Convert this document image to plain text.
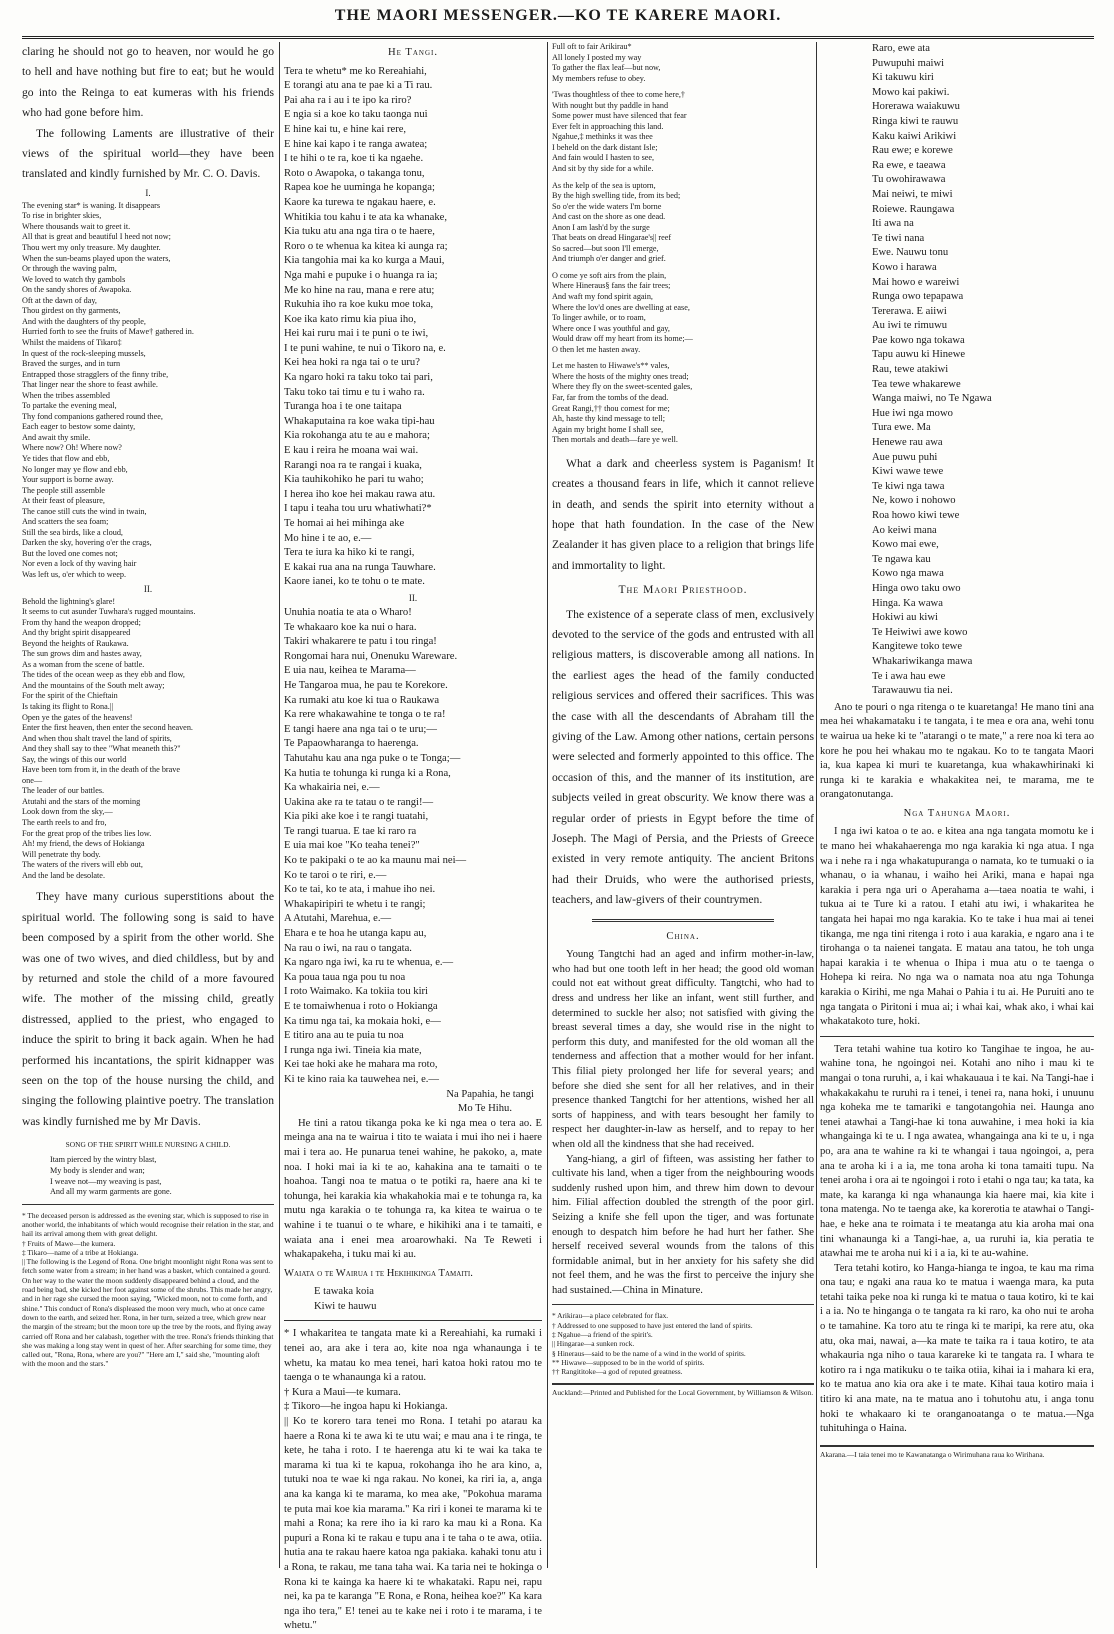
THE MAORI MESSENGER.—KO TE KARERE MAORI.

claring he should not go to heaven, nor would he go to hell and have nothing but fire to eat; but he would go into the Reinga to eat kumeras with his friends who had gone before him.

The following Laments are illustrative of their views of the spiritual world—they have been translated and kindly furnished by Mr. C. O. Davis.

I.

The evening star* is waning. It disappears

To rise in brighter skies,

Where thousands wait to greet it.

All that is great and beautiful I heed not now;

Thou wert my only treasure. My daughter.

When the sun-beams played upon the waters,

Or through the waving palm,

We loved to watch thy gambols

On the sandy shores of Awapoka.

Oft at the dawn of day,

Thou girdest on thy garments,

And with the daughters of thy people,

Hurried forth to see the fruits of Mawe† gathered in.

Whilst the maidens of Tikaro‡

In quest of the rock-sleeping mussels,

Braved the surges, and in turn

Entrapped those stragglers of the finny tribe,

That linger near the shore to feast awhile.

When the tribes assembled

To partake the evening meal,

Thy fond companions gathered round thee,

Each eager to bestow some dainty,

And await thy smile.

Where now? Oh! Where now?

Ye tides that flow and ebb,

No longer may ye flow and ebb,

Your support is borne away.

The people still assemble

At their feast of pleasure,

The canoe still cuts the wind in twain,

And scatters the sea foam;

Still the sea birds, like a cloud,

Darken the sky, hovering o'er the crags,

But the loved one comes not;

Nor even a lock of thy waving hair

Was left us, o'er which to weep.

II.

Behold the lightning's glare!

It seems to cut asunder Tuwhara's rugged mountains.

From thy hand the weapon dropped;

And thy bright spirit disappeared

Beyond the heights of Raukawa.

The sun grows dim and hastes away,

As a woman from the scene of battle.

The tides of the ocean weep as they ebb and flow,

And the mountains of the South melt away;

For the spirit of the Chieftain

Is taking its flight to Rona.||

Open ye the gates of the heavens!

Enter the first heaven, then enter the second heaven.

And when thou shalt travel the land of spirits,

And they shall say to thee "What meaneth this?"

Say, the wings of this our world

Have been torn from it, in the death of the brave

one—

The leader of our battles.

Atutahi and the stars of the morning

Look down from the sky,—

The earth reels to and fro,

For the great prop of the tribes lies low.

Ah! my friend, the dews of Hokianga

Will penetrate thy body.

The waters of the rivers will ebb out,

And the land be desolate.

They have many curious superstitions about the spiritual world. The following song is said to have been composed by a spirit from the other world. She was one of two wives, and died childless, but by and by returned and stole the child of a more favoured wife. The mother of the missing child, greatly distressed, applied to the priest, who engaged to induce the spirit to bring it back again. When he had performed his incantations, the spirit kidnapper was seen on the top of the house nursing the child, and singing the following plaintive poetry. The translation was kindly furnished me by Mr Davis.

SONG OF THE SPIRIT WHILE NURSING A CHILD.

Itam pierced by the wintry blast,

My body is slender and wan;

I weave not—my weaving is past,

And all my warm garments are gone.

* The deceased person is addressed as the evening star, which is supposed to rise in another world, the inhabitants of which would recognise their relation in the star, and hail its arrival among them with great delight.

† Fruits of Mawe—the kumera.

‡ Tikaro—name of a tribe at Hokianga.

|| The following is the Legend of Rona. One bright moonlight night Rona was sent to fetch some water from a stream; in her hand was a basket, which contained a gourd. On her way to the water the moon suddenly disappeared behind a cloud, and the road being bad, she kicked her foot against some of the shrubs. This made her angry, and in her rage she cursed the moon saying, "Wicked moon, not to come forth, and shine." This conduct of Rona's displeased the moon very much, who at once came down to the earth, and seized her. Rona, in her turn, seized a tree, which grew near the margin of the stream; but the moon tore up the tree by the roots, and flying away carried off Rona and her calabash, together with the tree. Rona's friends thinking that she was making a long stay went in quest of her. After searching for some time, they called out, "Rona, Rona, where are you?" "Here am I," said she, "mounting aloft with the moon and the stars."

He Tangi.

Tera te whetu* me ko Rereahiahi,

E torangi atu ana te pae ki a Ti rau.

Pai aha ra i au i te ipo ka riro?

E ngia si a koe ko taku taonga nui

E hine kai tu, e hine kai rere,

E hine kai kapo i te ranga awatea;

I te hihi o te ra, koe ti ka ngaehe.

Roto o Awapoka, o takanga tonu,

Rapea koe he uuminga he kopanga;

Kaore ka turewa te ngakau haere, e.

Whitikia tou kahu i te ata ka whanake,

Kia tuku atu ana nga tira o te haere,

Roro o te whenua ka kitea ki aunga ra;

Kia tangohia mai ka ko kurga a Maui,

Nga mahi e pupuke i o huanga ra ia;

Me ko hine na rau, mana e rere atu;

Rukuhia iho ra koe kuku moe toka,

Koe ika kato rimu kia piua iho,

Hei kai ruru mai i te puni o te iwi,

I te puni wahine, te nui o Tikoro na, e.

Kei hea hoki ra nga tai o te uru?

Ka ngaro hoki ra taku toko tai pari,

Taku toko tai timu e tu i waho ra.

Turanga hoa i te one taitapa

Whakaputaina ra koe waka tipi-hau

Kia rokohanga atu te au e mahora;

E kau i reira he moana wai wai.

Rarangi noa ra te rangai i kuaka,

Kia tauhikohiko he pari tu waho;

I herea iho koe hei makau rawa atu.

I tapu i teaha tou uru whatiwhati?*

Te homai ai hei mihinga ake

Mo hine i te ao, e.—

Tera te iura ka hiko ki te rangi,

E kakai rua ana na runga Tauwhare.

Kaore ianei, ko te tohu o te mate.

II.

Unuhia noatia te ata o Wharo!

Te whakaaro koe ka nui o hara.

Takiri whakarere te patu i tou ringa!

Rongomai hara nui, Onenuku Wareware.

E uia nau, keihea te Marama—

He Tangaroa mua, he pau te Korekore.

Ka rumaki atu koe ki tua o Raukawa

Ka rere whakawahine te tonga o te ra!

E tangi haere ana nga tai o te uru;—

Te Papaowharanga to haerenga.

Tahutahu kau ana nga puke o te Tonga;—

Ka hutia te tohunga ki runga ki a Rona,

Ka whakairia nei, e.—

Uakina ake ra te tatau o te rangi!—

Kia piki ake koe i te rangi tuatahi,

Te rangi tuarua. E tae ki raro ra

E uia mai koe "Ko teaha tenei?"

Ko te pakipaki o te ao ka maunu mai nei—

Ko te taroi o te riri, e.—

Ko te tai, ko te ata, i mahue iho nei.

Whakapiripiri te whetu i te rangi;

A Atutahi, Marehua, e.—

Ehara e te hoa he utanga kapu au,

Na rau o iwi, na rau o tangata.

Ka ngaro nga iwi, ka ru te whenua, e.—

Ka poua taua nga pou tu noa

I roto Waimako. Ka tokiia tou kiri

E te tomaiwhenua i roto o Hokianga

Ka timu nga tai, ka mokaia hoki, e—

E titiro ana au te puia tu noa

I runga nga iwi. Tineia kia mate,

Kei tae hoki ake he mahara ma roto,

Ki te kino raia ka tauwehea nei, e.—

Na Papahia, he tangi

Mo Te Hihu.

He tini a ratou tikanga poka ke ki nga mea o tera ao. E meinga ana na te wairua i tito te waiata i mui iho nei i haere mai i tera ao. He punarua tenei wahine, he pakoko, a, mate noa. I hoki mai ia ki te ao, kahakina ana te tamaiti o te hoahoa. Tangi noa te matua o te potiki ra, haere ana ki te tohunga, hei karakia kia whakahokia mai e te tohunga ra, ka mutu nga karakia o te tohunga ra, ka kitea te wairua o te wahine i te tuanui o te whare, e hikihiki ana i te tamaiti, e waiata ana i enei mea aroarowhaki. Na Te Reweti i whakapakeha, i tuku mai ki au.

Waiata o te Wairua i te Hekihikinga Tamaiti.

E tawaka koia

Kiwi te hauwu

* I whakaritea te tangata mate ki a Rereahiahi, ka rumaki i tenei ao, ara ake i tera ao, kite noa nga whanaunga i te whetu, ka matau ko mea tenei, hari katoa hoki ratou mo te taenga o te whanaunga ki a ratou.

† Kura a Maui—te kumara.

‡ Tikoro—he ingoa hapu ki Hokianga.

|| Ko te korero tara tenei mo Rona. I tetahi po atarau ka haere a Rona ki te awa ki te utu wai; e mau ana i te ringa, te kete, he taha i roto. I te haerenga atu ki te wai ka taka te marama ki tua ki te kapua, rokohanga iho he ara kino, a, tutuki noa te wae ki nga rakau. No konei, ka riri ia, a, anga ana ka kanga ki te marama, ko mea ake, "Pokohua marama te puta mai koe kia marama." Ka riri i konei te marama ki te mahi a Rona; ka rere iho ia ki raro ka mau ki a Rona. Ka pupuri a Rona ki te rakau e tupu ana i te taha o te awa, otiia. hutia ana te rakau haere katoa nga pakiaka. kahaki tonu atu i a Rona, te rakau, me tana taha wai. Ka taria nei te hokinga o Rona ki te kainga ka haere ki te whakataki. Rapu nei, rapu nei, ka pa te karanga "E Rona, e Rona, heihea koe?" Ka kara nga iho tera," E! tenei au te kake nei i roto i te marama, i te whetu."

Full oft to fair Arikirau*

All lonely I posted my way

To gather the flax leaf—but now,

My members refuse to obey.

'Twas thoughtless of thee to come here,†

With nought but thy paddle in hand

Some power must have silenced that fear

Ever felt in approaching this land.

Ngahue,‡ methinks it was thee

I beheld on the dark distant Isle;

And fain would I hasten to see,

And sit by thy side for a while.

As the kelp of the sea is uptorn,

By the high swelling tide, from its bed;

So o'er the wide waters I'm borne

And cast on the shore as one dead.

Anon I am lash'd by the surge

That beats on dread Hingarae's|| reef

So sacred—but soon I'll emerge,

And triumph o'er danger and grief.

O come ye soft airs from the plain,

Where Hineraus§ fans the fair trees;

And waft my fond spirit again,

Where the lov'd ones are dwelling at ease,

To linger awhile, or to roam,

Where once I was youthful and gay,

Would draw off my heart from its home;—

O then let me hasten away.

Let me hasten to Hiwawe's** vales,

Where the hosts of the mighty ones tread;

Where they fly on the sweet-scented gales,

Far, far from the tombs of the dead.

Great Rangi,†† thou comest for me;

Ah, haste thy kind message to tell;

Again my bright home I shall see,

Then mortals and death—fare ye well.

What a dark and cheerless system is Paganism! It creates a thousand fears in life, which it cannot relieve in death, and sends the spirit into eternity without a hope that hath foundation. In the case of the New Zealander it has given place to a religion that brings life and immortality to light.

The Maori Priesthood.

The existence of a seperate class of men, exclusively devoted to the service of the gods and entrusted with all religious matters, is discoverable among all nations. In the earliest ages the head of the family conducted religious services and offered their sacrifices. This was the case with all the descendants of Abraham till the giving of the Law. Among other nations, certain persons were selected and formerly appointed to this office. The occasion of this, and the manner of its institution, are subjects veiled in great obscurity. We know there was a regular order of priests in Egypt before the time of Joseph. The Magi of Persia, and the Priests of Greece existed in very remote antiquity. The ancient Britons had their Druids, who were the authorised priests, teachers, and law-givers of their countrymen.

China.

Young Tangtchi had an aged and infirm mother-in-law, who had but one tooth left in her head; the good old woman could not eat without great difficulty. Tangtchi, who had to dress and undress her like an infant, went still further, and determined to suckle her also; not satisfied with giving the breast several times a day, she would rise in the night to perform this duty, and manifested for the old woman all the tenderness and affection that a mother would for her infant. This filial piety prolonged her life for several years; and before she died she sent for all her relatives, and in their presence thanked Tangtchi for her attentions, wished her all sorts of happiness, and with tears besought her family to respect her daughter-in-law as herself, and to repay to her when old all the kindness that she had received.

Yang-hiang, a girl of fifteen, was assisting her father to cultivate his land, when a tiger from the neighbouring woods suddenly rushed upon him, and threw him down to devour him. Filial affection doubled the strength of the poor girl. Seizing a knife she fell upon the tiger, and was fortunate enough to despatch him before he had hurt her father. She herself received several wounds from the talons of this formidable animal, but in her anxiety for his safety she did not feel them, and he was the first to perceive the injury she had sustained.—China in Minature.

* Arikirau—a place celebrated for flax.

† Addressed to one supposed to have just entered the land of spirits.

‡ Ngahue—a friend of the spirit's.

|| Hingarae—a sunken rock.

§ Hineraus—said to be the name of a wind in the world of spirits.

** Hiwawe—supposed to be in the world of spirits.

†† Rangititoke—a god of reputed greatness.

Auckland:—Printed and Published for the Local Government, by Williamson & Wilson.

Raro, ewe ata

Puwupuhi maiwi

Ki takuwu kiri

Mowo kai pakiwi.

Horerawa waiakuwu

Ringa kiwi te rauwu

Kaku kaiwi Arikiwi

Rau ewe; e korewe

Ra ewe, e taeawa

Tu owohirawawa

Mai neiwi, te miwi

Roiewe. Raungawa

Iti awa na

Te tiwi nana

Ewe. Nauwu tonu

Kowo i harawa

Mai howo e wareiwi

Runga owo tepapawa

Tererawa. E aiiwi

Au iwi te rimuwu

Pae kowo nga tokawa

Tapu auwu ki Hinewe

Rau, tewe atakiwi

Tea tewe whakarewe

Wanga maiwi, no Te Ngawa

Hue iwi nga mowo

Tura ewe. Ma

Henewe rau awa

Aue puwu puhi

Kiwi wawe tewe

Te kiwi nga tawa

Ne, kowo i nohowo

Roa howo kiwi tewe

Ao keiwi mana

Kowo mai ewe,

Te ngawa kau

Kowo nga mawa

Hinga owo taku owo

Hinga. Ka wawa

Hokiwi au kiwi

Te Heiwiwi awe kowo

Kangitewe toko tewe

Whakariwikanga mawa

Te i awa hau ewe

Tarawauwu tia nei.

Ano te pouri o nga ritenga o te kuaretanga! He mano tini ana mea hei whakamataku i te tangata, i te mea e ora ana, wehi tonu te wairua ua heke ki te "atarangi o te mate," a rere noa ki tera ao kore he pou hei whakau mo te ngakau. Ko to te tangata Maori ia, kua kapea ki muri te kuaretanga, kua whakawhirinaki ki runga ki te karakia e whakakitea nei, te marama, me te orangatonutanga.

Nga Tahunga Maori.

I nga iwi katoa o te ao. e kitea ana nga tangata momotu ke i te mano hei whakahaerenga mo nga karakia ki nga atua. I nga wa i nehe ra i nga whakatupuranga o namata, ko te tumuaki o ia whanau, o ia whanau, i waiho hei Ariki, mana e hapai nga karakia i pera nga uri o Aperahama a—taea noatia te wahi, i tukua ai te Ture ki a ratou. I etahi atu iwi, i whakaritea he tangata hei hapai mo nga karakia. Ko te take i hua mai ai tenei tikanga, me nga tini ritenga i roto i aua karakia, e ngaro ana i te tirohanga o ta naienei tangata. E matau ana tatou, he toh unga hapai karakia i te whenua o Ihipa i mua atu o te taenga o Hohepa ki reira. No nga wa o namata noa atu nga Tohunga karakia o Kirihi, me nga Mahai o Pahia i tu ai. He Puruiti ano te nga tangata o Piritoni i mua ai; i whai kai, whak ako, i whai kai whakatakoto ture, hoki.

Tera tetahi wahine tua kotiro ko Tangihae te ingoa, he au-wahine tona, he ngoingoi nei. Kotahi ano niho i mau ki te mangai o tona ruruhi, a, i kai whakauaua i te kai. Na Tangi-hae i whakakakahu te ruruhi ra i tenei, i tenei ra, nana hoki, i unuunu nga koheka me te tamariki e tangotangohia nei. Haunga ano tenei atawhai a Tangi-hae ki tona auwahine, i mea hoki ia kia whangainga ki te u. I nga awatea, whangainga ana ki te u, i nga po, ara ana te wahine ra ki te whangai i taua ngoingoi, a, pera ana te aroha ki i a ia, me tona aroha ki tona tamaiti tupu. Na tenei aroha i ora ai te ngoingoi i roto i etahi o nga tau; ka tata, ka mate, ka karanga ki nga whanaunga kia haere mai, kia kite i tona matenga. No te taenga ake, ka korerotia te atawhai o Tangi-hae, e heke ana te roimata i te meatanga atu kia aroha mai ona tini whanaunga ki a Tangi-hae, a, ua ruruhi ia, kia peratia te atawhai me te aroha nui ki i a ia, ki te au-wahine.

Tera tetahi kotiro, ko Hanga-hianga te ingoa, te kau ma rima ona tau; e ngaki ana raua ko te matua i waenga mara, ka puta tetahi taika peke noa ki runga ki te matua o taua kotiro, ki te kai i a ia. No te hinganga o te tangata ra ki raro, ka oho nui te aroha o te tamahine. Ka toro atu te ringa ki te maripi, ka rere atu, oka atu, oka mai, nawai, a—ka mate te taika ra i taua kotiro, te ata whakauria nga niho o taua karareke ki te tangata ra. I whara te kotiro ra i nga matikuku o te taika otiia, kihai ia i mahara ki era, ko te matua ano kia ora ake i te mate. Kihai taua kotiro maia i titiro ki ana mate, na te matua ano i tohutohu atu, i anga tonu hoki te whakaaro ki te oranganoatanga o te matua.—Nga tuhituhinga o Haina.

Akarana.—I taia tenei mo te Kawanatanga o Wirimuhana raua ko Wirihana.
